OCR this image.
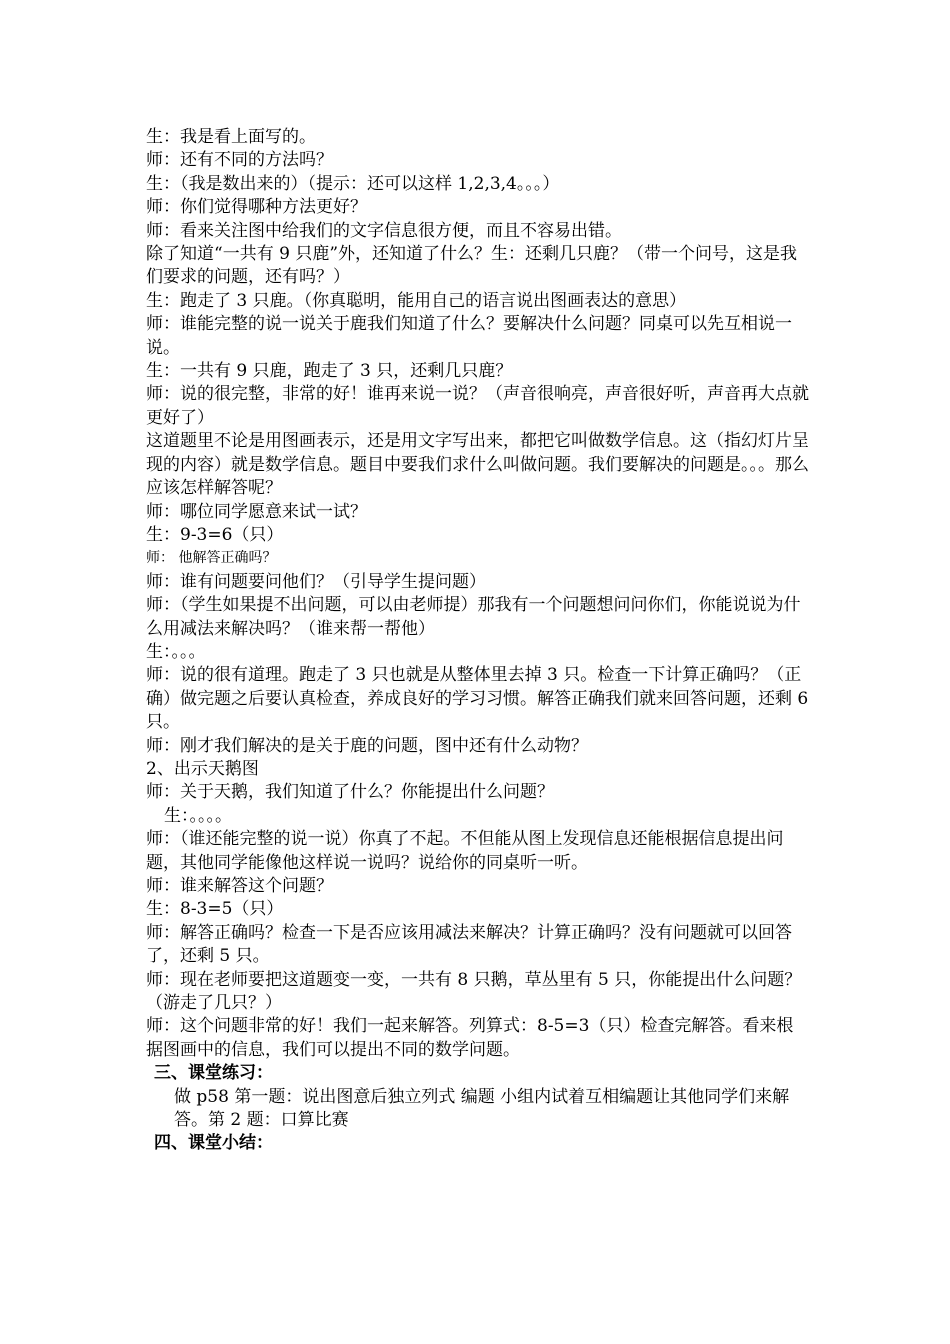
生：我是看上面写的。

师：还有不同的方法吗？

生：（我是数出来的）（提示：还可以这样 1,2,3,4。。。）

师：你们觉得哪种方法更好？

师：看来关注图中给我们的文字信息很方便，而且不容易出错。

除了知道“一共有 9 只鹿”外，还知道了什么？生：还剩几只鹿？（带一个问号，这是我们要求的问题，还有吗？）

生：跑走了 3 只鹿。（你真聪明，能用自己的语言说出图画表达的意思）

师：谁能完整的说一说关于鹿我们知道了什么？要解决什么问题？同桌可以先互相说一说。

生：一共有 9 只鹿，跑走了 3 只，还剩几只鹿？

师：说的很完整，非常的好！谁再来说一说？（声音很响亮，声音很好听，声音再大点就更好了）

这道题里不论是用图画表示，还是用文字写出来，都把它叫做数学信息。这（指幻灯片呈现的内容）就是数学信息。题目中要我们求什么叫做问题。我们要解决的问题是。。。那么应该怎样解答呢？

师：哪位同学愿意来试一试？

生：9-3=6（只）

师： 他解答正确吗？

师：谁有问题要问他们？（引导学生提问题）

师：（学生如果提不出问题，可以由老师提）那我有一个问题想问问你们，你能说说为什么用减法来解决吗？（谁来帮一帮他）

生：。。。

师：说的很有道理。跑走了 3 只也就是从整体里去掉 3 只。检查一下计算正确吗？（正确）做完题之后要认真检查，养成良好的学习习惯。解答正确我们就来回答问题，还剩 6 只。

师：刚才我们解决的是关于鹿的问题，图中还有什么动物？

2、出示天鹅图

师：关于天鹅，我们知道了什么？你能提出什么问题？

生：。。。。

师：（谁还能完整的说一说）你真了不起。不但能从图上发现信息还能根据信息提出问题，其他同学能像他这样说一说吗？说给你的同桌听一听。

师：谁来解答这个问题？

生：8-3=5（只）

师：解答正确吗？检查一下是否应该用减法来解决？计算正确吗？没有问题就可以回答了，还剩 5 只。

师：现在老师要把这道题变一变，一共有 8 只鹅，草丛里有 5 只，你能提出什么问题？（游走了几只？）

师：这个问题非常的好！我们一起来解答。列算式：8-5=3（只）检查完解答。看来根据图画中的信息，我们可以提出不同的数学问题。

三、课堂练习：

做 p58 第一题：说出图意后独立列式 编题 小组内试着互相编题让其他同学们来解答。第 2 题：口算比赛

四、课堂小结：
